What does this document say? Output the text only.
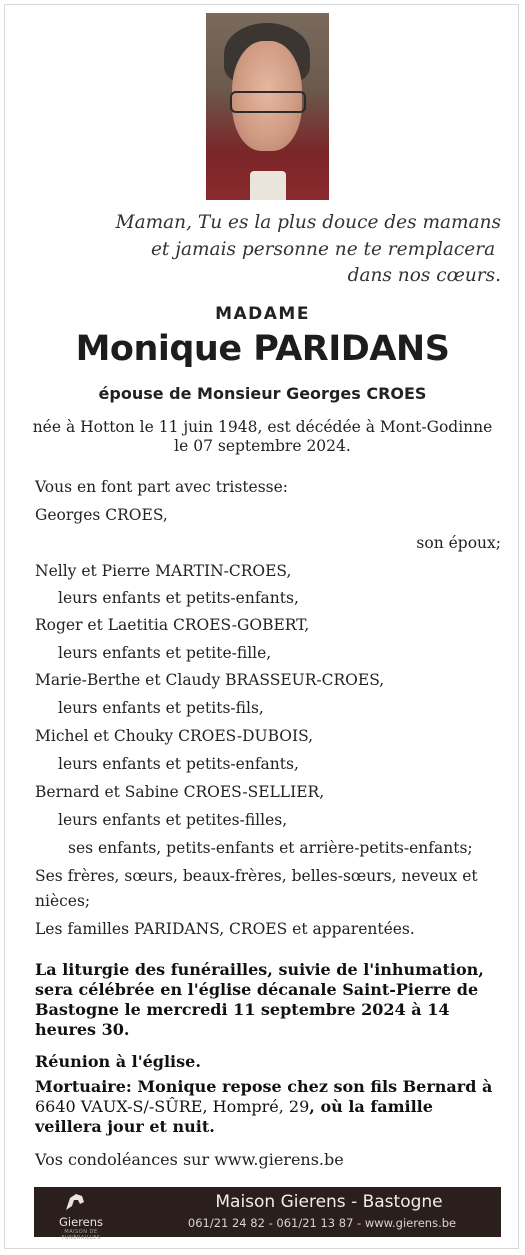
Maman, Tu es la plus douce des mamans
et jamais personne ne te remplacera
dans nos cœurs.
MADAME
Monique PARIDANS
épouse de Monsieur Georges CROES
née à Hotton le 11 juin 1948, est décédée à Mont-Godinne
le 07 septembre 2024.
Vous en font part avec tristesse:
Georges CROES,
son époux;
Nelly et Pierre MARTIN-CROES,
leurs enfants et petits-enfants,
Roger et Laetitia CROES-GOBERT,
leurs enfants et petite-fille,
Marie-Berthe et Claudy BRASSEUR-CROES,
leurs enfants et petits-fils,
Michel et Chouky CROES-DUBOIS,
leurs enfants et petits-enfants,
Bernard et Sabine CROES-SELLIER,
leurs enfants et petites-filles,
ses enfants, petits-enfants et arrière-petits-enfants;
Ses frères, sœurs, beaux-frères, belles-sœurs, neveux et
nièces;
Les familles PARIDANS, CROES et apparentées.
La liturgie des funérailles, suivie de l'inhumation, sera célébrée en l'église décanale Saint-Pierre de Bastogne le mercredi 11 septembre 2024 à 14 heures 30.
Réunion à l'église.
Mortuaire: Monique repose chez son fils Bernard à 6640 VAUX-S/-SÛRE, Hompré, 29, où la famille veillera jour et nuit.
Vos condoléances sur www.gierens.be
Gierens
MAISON DE FUNÉRAILLES
Maison Gierens - Bastogne
061/21 24 82 - 061/21 13 87 - www.gierens.be
